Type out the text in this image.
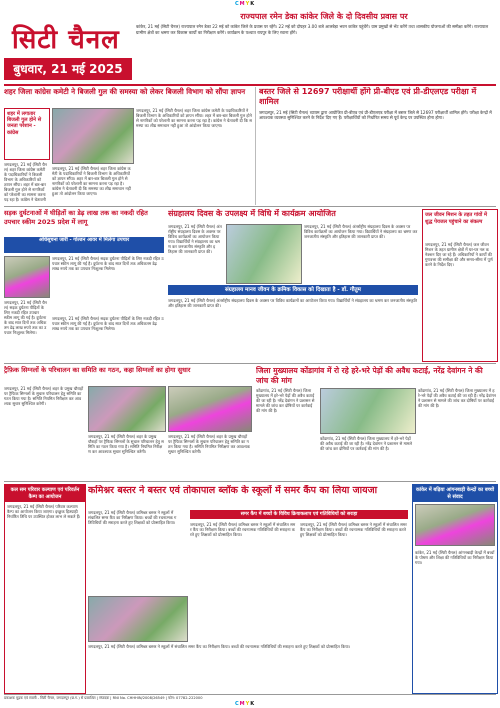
CMYK
सिटी चैनल
बुधवार, 21 मई 2025
राज्यपाल रमेन डेका कांकेर जिले के दो दिवसीय प्रवास पर
कांकेर, 21 मई (सिटी चैनल) राज्यपाल रमेन डेका 22 मई को कांकेर जिले के प्रवास पर रहेंगे। 22 मई को दोपहर 3.00 बजे आलबेड़ा भवन कांकेर पहुंचेंगे। ग्राम प्रमुखों से भेंट करेंगे तथा शासकीय योजनाओं की समीक्षा करेंगे। राज्यपाल ग्रामीण क्षेत्रों का भ्रमण कर विकास कार्यों का निरीक्षण करेंगे। कार्यक्रम के पश्चात रायपुर के लिए रवाना होंगे।
शहर जिला कांग्रेस कमेटी ने बिजली गुल की समस्या को लेकर बिजली विभाग को सौंपा ज्ञापन
शहर में लगातार बिजली गुल होने से जनता परेशान - कांग्रेस
जगदलपुर, 21 मई (सिटी चैनल) शहर जिला कांग्रेस कमेटी के पदाधिकारियों ने बिजली विभाग के अधिकारियों को ज्ञापन सौंपा। शहर में बार-बार बिजली गुल होने से नागरिकों को परेशानी का सामना करना पड़ रहा है। कांग्रेस ने चेतावनी
जगदलपुर, 21 मई (सिटी चैनल) शहर जिला कांग्रेस कमेटी के पदाधिकारियों ने बिजली विभाग के अधिकारियों को ज्ञापन सौंपा। शहर में बार-बार बिजली गुल होने से नागरिकों को परेशानी का सामना करना पड़ रहा है। कांग्रेस ने चेतावनी दी कि समस्या का शीघ्र समाधान नहीं हुआ तो आंदोलन किया जाएगा।
जगदलपुर, 21 मई (सिटी चैनल) शहर जिला कांग्रेस कमेटी के पदाधिकारियों ने बिजली विभाग के अधिकारियों को ज्ञापन सौंपा। शहर में बार-बार बिजली गुल होने से नागरिकों को परेशानी का सामना करना पड़ रहा है। कांग्रेस ने चेतावनी दी कि समस्या का शीघ्र समाधान नहीं हुआ तो आंदोलन किया जाएगा।
बस्तर जिले से 12697 परीक्षार्थी होंगे प्री-बीएड एवं प्री-डीएलएड परीक्षा में शामिल
जगदलपुर, 21 मई (सिटी चैनल) व्यापम द्वारा आयोजित प्री-बीएड एवं प्री-डीएलएड परीक्षा में बस्तर जिले से 12697 परीक्षार्थी शामिल होंगे। परीक्षा केन्द्रों में आवश्यक व्यवस्था सुनिश्चित करने के निर्देश दिए गए हैं। परीक्षार्थियों को निर्धारित समय से पूर्व केन्द्र पर उपस्थित होना होगा।
सड़क दुर्घटनाओं में घीड़ितों का डेढ़ लाख तक का नकदी रहित उपचार स्कीम 2025 प्रदेश में लागू
अधिसूचना जारी - गोल्डन आवर में मिलेगा उपचार
जगदलपुर, 21 मई (सिटी चैनल) सड़क दुर्घटना पीड़ितों के लिए नकदी रहित उपचार स्कीम लागू की गई है। दुर्घटना के बाद सात दिनों तक अधिकतम डेढ़ लाख रुपये तक का उपचार निःशुल्क मिलेगा।
जगदलपुर, 21 मई (सिटी चैनल) सड़क दुर्घटना पीड़ितों के लिए नकदी रहित उपचार स्कीम लागू की गई है। दुर्घटना के बाद सात दिनों तक अधिकतम डेढ़ लाख रुपये तक का उपचार निःशुल्क मिलेगा।
जगदलपुर, 21 मई (सिटी चैनल) सड़क दुर्घटना पीड़ितों के लिए नकदी रहित उपचार स्कीम लागू की गई है। दुर्घटना के बाद सात दिनों तक अधिकतम डेढ़ लाख रुपये तक का उपचार निःशुल्क मिलेगा।
संग्रहालय दिवस के उपलक्ष्य में विधि में कार्यक्रम आयोजित
जगदलपुर, 21 मई (सिटी चैनल) अंतर्राष्ट्रीय संग्रहालय दिवस के अवसर पर विविध कार्यक्रमों का आयोजन किया गया। विद्यार्थियों ने संग्रहालय का भ्रमण कर जनजातीय संस्कृति और इतिहास की जानकारी प्राप्त की।
जगदलपुर, 21 मई (सिटी चैनल) अंतर्राष्ट्रीय संग्रहालय दिवस के अवसर पर विविध कार्यक्रमों का आयोजन किया गया। विद्यार्थियों ने संग्रहालय का भ्रमण कर जनजातीय संस्कृति और इतिहास की जानकारी प्राप्त की।
संग्रहालय मानव जीवन के क्रमिक विकास को दिखाता है - डॉ. गौतुम
जगदलपुर, 21 मई (सिटी चैनल) अंतर्राष्ट्रीय संग्रहालय दिवस के अवसर पर विविध कार्यक्रमों का आयोजन किया गया। विद्यार्थियों ने संग्रहालय का भ्रमण कर जनजातीय संस्कृति और इतिहास की जानकारी प्राप्त की।
जल जीवन मिशन के तहत गांवों में शुद्ध पेयजल पहुंचाने का संकल्प
जगदलपुर, 21 मई (सिटी चैनल) जल जीवन मिशन के तहत ग्रामीण क्षेत्रों में घर-घर नल कनेक्शन दिए जा रहे हैं। अधिकारियों ने कार्यों की गुणवत्ता की समीक्षा की और समय-सीमा में पूर्ण करने के निर्देश दिए।
ट्रैफ़िक सिग्नलों के परिचालन का समिति का गठन, कहा सिग्नलों का होगा सुधार
जगदलपुर, 21 मई (सिटी चैनल) शहर के प्रमुख चौराहों पर ट्रैफिक सिग्नलों के सुचारु परिचालन हेतु समिति का गठन किया गया है। समिति नियमित निरीक्षण कर आवश्यक सुधार सुनिश्चित करेगी।
जगदलपुर, 21 मई (सिटी चैनल) शहर के प्रमुख चौराहों पर ट्रैफिक सिग्नलों के सुचारु परिचालन हेतु समिति का गठन किया गया है। समिति नियमित निरीक्षण कर आवश्यक सुधार सुनिश्चित करेगी।
जगदलपुर, 21 मई (सिटी चैनल) शहर के प्रमुख चौराहों पर ट्रैफिक सिग्नलों के सुचारु परिचालन हेतु समिति का गठन किया गया है। समिति नियमित निरीक्षण कर आवश्यक सुधार सुनिश्चित करेगी।
जिला मुख्यालय कोंडागांव में रो रहे हरे-भरे पेड़ों की अवैध कटाई, नरेंद्र देवांगन ने की जांच की मांग
कोंडागांव, 21 मई (सिटी चैनल) जिला मुख्यालय में हरे-भरे पेड़ों की अवैध कटाई की जा रही है। नरेंद्र देवांगन ने प्रशासन से मामले की जांच कर दोषियों पर कार्रवाई की मांग की है।
कोंडागांव, 21 मई (सिटी चैनल) जिला मुख्यालय में हरे-भरे पेड़ों की अवैध कटाई की जा रही है। नरेंद्र देवांगन ने प्रशासन से मामले की जांच कर दोषियों पर कार्रवाई की मांग की है।
कोंडागांव, 21 मई (सिटी चैनल) जिला मुख्यालय में हरे-भरे पेड़ों की अवैध कटाई की जा रही है। नरेंद्र देवांगन ने प्रशासन से मामले की जांच कर दोषियों पर कार्रवाई की मांग की है।
कल सम परिवार कल्याण एवं परिवर्तन कैम्प का आयोजन
जगदलपुर, 21 मई (सिटी चैनल) परिवार कल्याण कैम्प का आयोजन किया जाएगा। इच्छुक हितग्राही निर्धारित तिथि पर उपस्थित होकर लाभ ले सकते हैं।
कमिश्नर बस्तर ने बस्तर एवं तोकापाल ब्लॉक के स्कूलों में समर कैंप का लिया जायजा
समर कैंप में बच्चों के विविध क्रियाकलाप एवं गतिविधियों को सराहा
जगदलपुर, 21 मई (सिटी चैनल) कमिश्नर बस्तर ने स्कूलों में संचालित समर कैंप का निरीक्षण किया। बच्चों की रचनात्मक गतिविधियों की सराहना करते हुए शिक्षकों को प्रोत्साहित किया।	जगदलपुर, 21 मई (सिटी चैनल) कमिश्नर बस्तर ने स्कूलों में संचालित समर कैंप का निरीक्षण किया। बच्चों की रचनात्मक गतिविधियों की सराहना करते हुए शिक्षकों को प्रोत्साहित किया।
जगदलपुर, 21 मई (सिटी चैनल) कमिश्नर बस्तर ने स्कूलों में संचालित समर कैंप का निरीक्षण किया। बच्चों की रचनात्मक गतिविधियों की सराहना करते हुए शिक्षकों को प्रोत्साहित किया।
जगदलपुर, 21 मई (सिटी चैनल) कमिश्नर बस्तर ने स्कूलों में संचालित समर कैंप का निरीक्षण किया। बच्चों की रचनात्मक गतिविधियों की सराहना करते हुए शिक्षकों को प्रोत्साहित किया।
कांकेर में बढ़िया आंगनबाड़ी केन्द्रों का बच्चों से संवाद
कांकेर, 21 मई (सिटी चैनल) आंगनबाड़ी केन्द्रों में बच्चों के पोषण और शिक्षा की गतिविधियों का निरीक्षण किया गया।
प्रकाशक मुद्रक एवं स्वामी - सिटी चैनल, जगदलपुर (छ.ग.) से प्रकाशित | संपादक | RNI No. CHHHIN/2008/26549 | फोन: 07782-222000
CMYK
